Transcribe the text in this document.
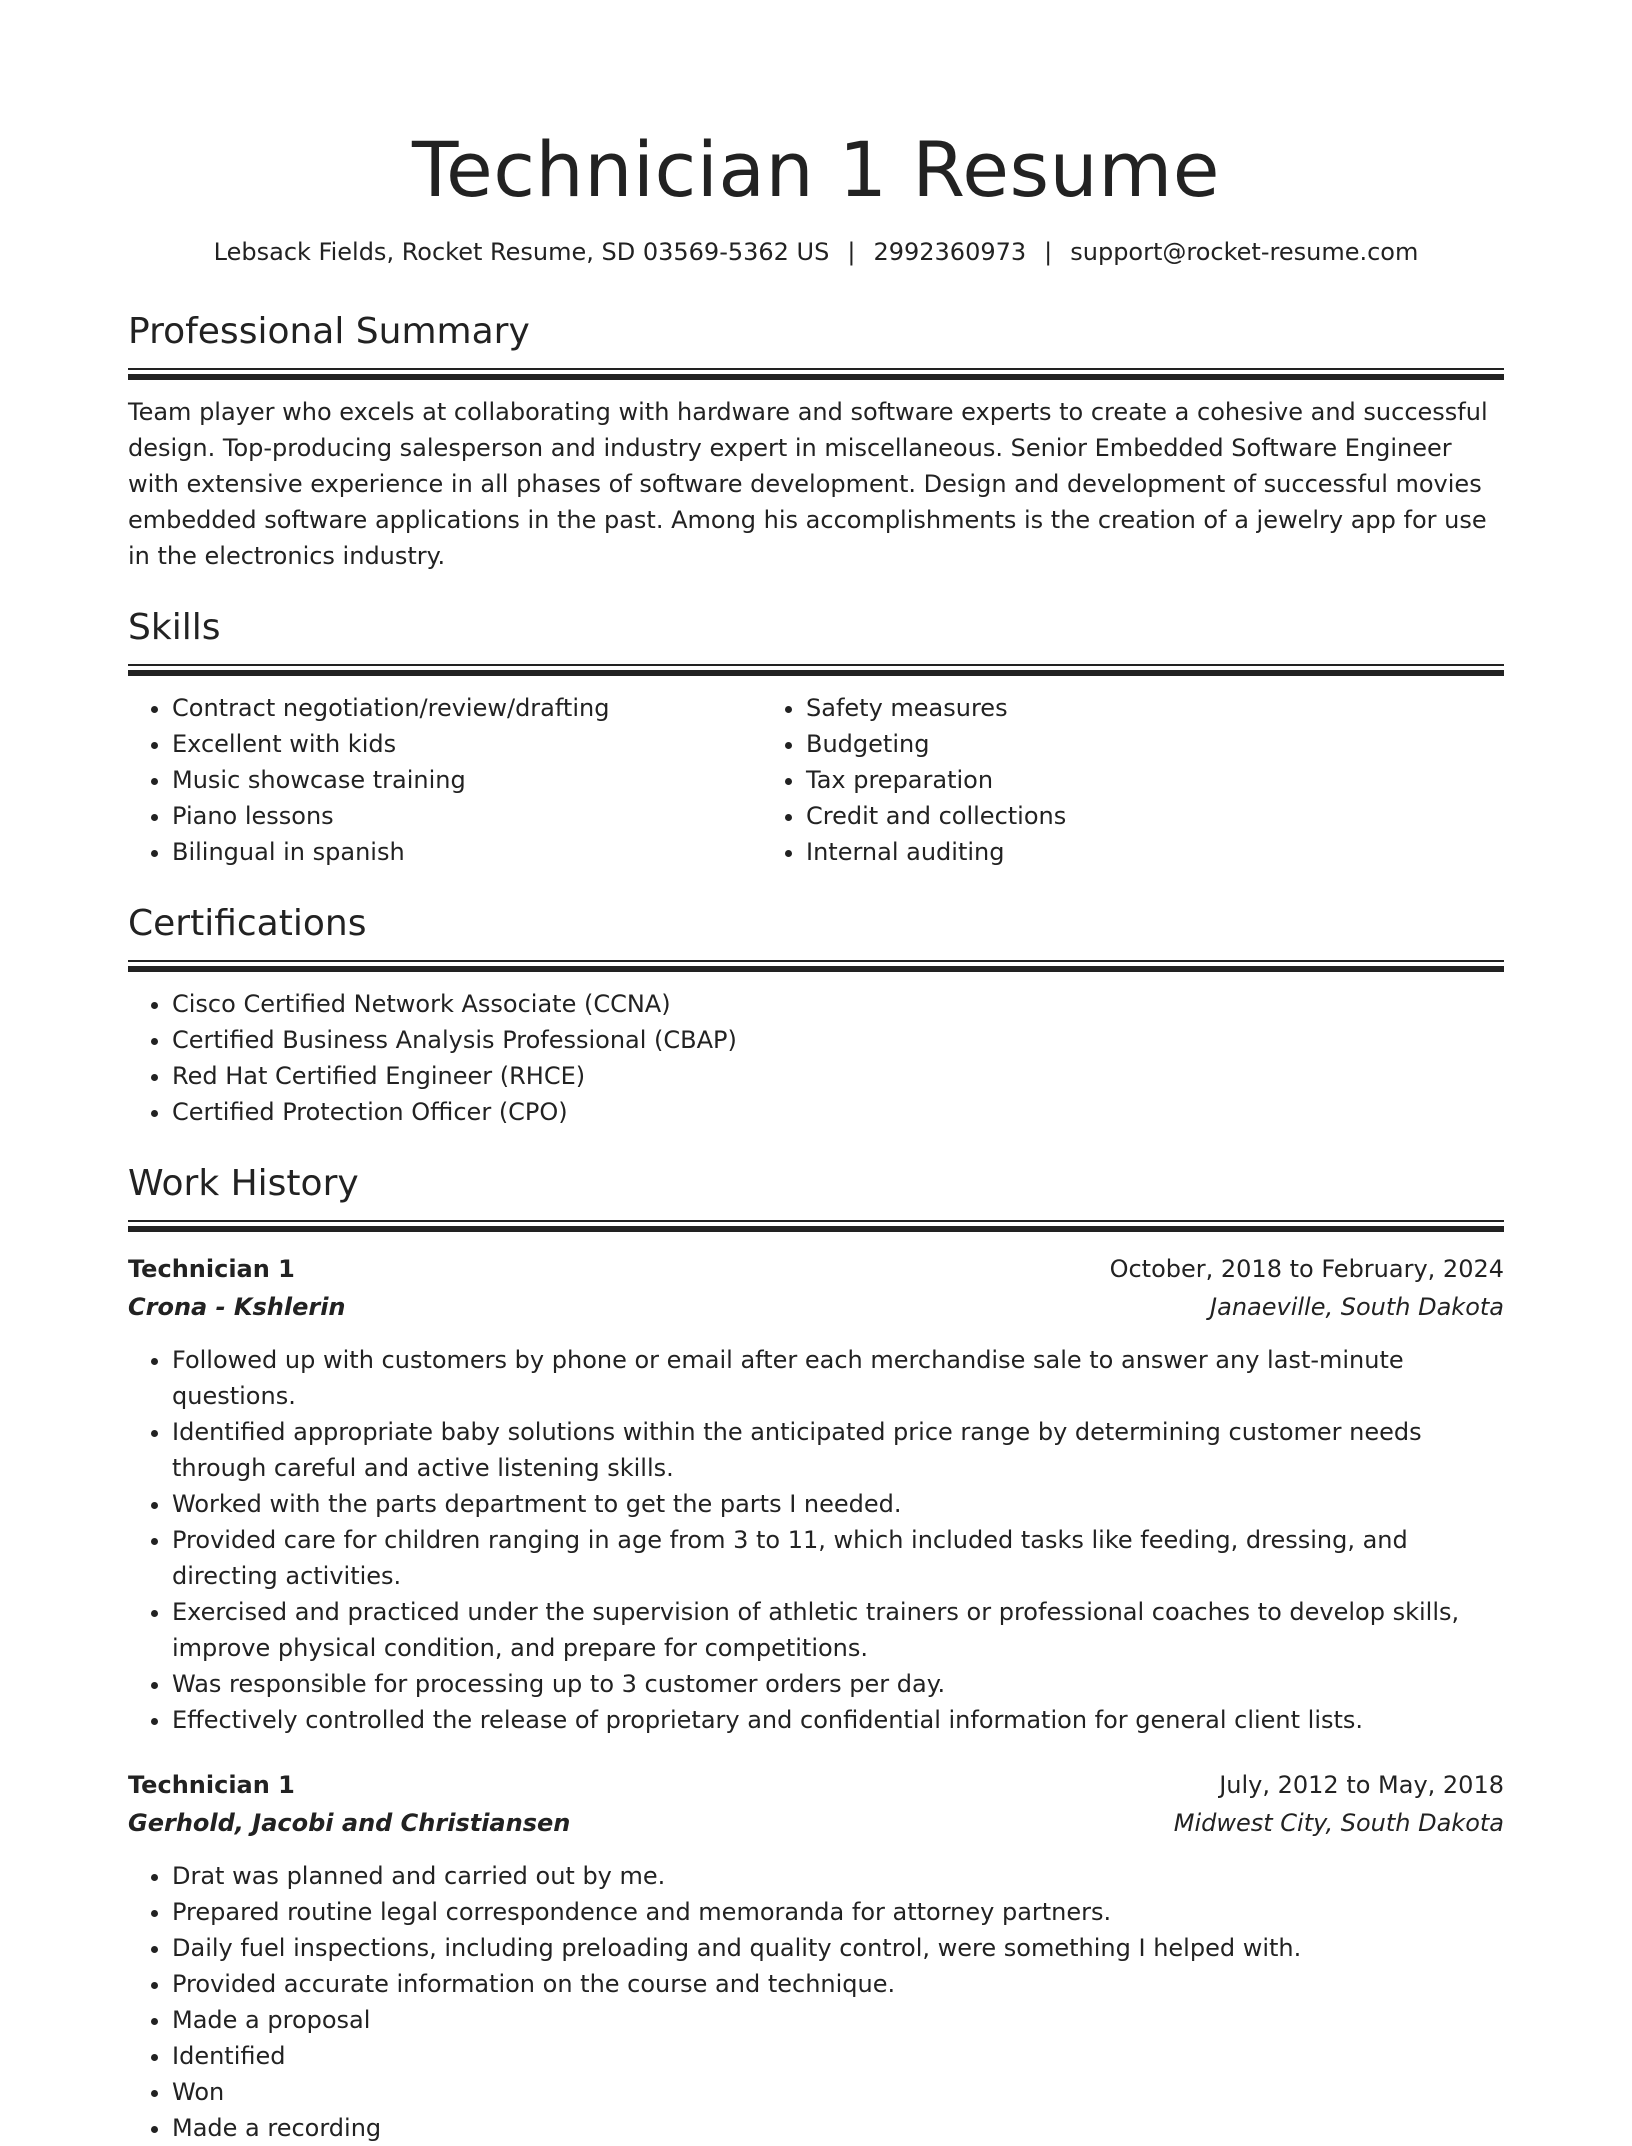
Technician 1 Resume
Lebsack Fields, Rocket Resume, SD 03569-5362 US | 2992360973 | support@rocket-resume.com
Professional Summary
Team player who excels at collaborating with hardware and software experts to create a cohesive and successful design. Top-producing salesperson and industry expert in miscellaneous. Senior Embedded Software Engineer with extensive experience in all phases of software development. Design and development of successful movies embedded software applications in the past. Among his accomplishments is the creation of a jewelry app for use in the electronics industry.
Skills
• Contract negotiation/review/drafting
• Excellent with kids
• Music showcase training
• Piano lessons
• Bilingual in spanish
• Safety measures
• Budgeting
• Tax preparation
• Credit and collections
• Internal auditing
Certifications
• Cisco Certified Network Associate (CCNA)
• Certified Business Analysis Professional (CBAP)
• Red Hat Certified Engineer (RHCE)
• Certified Protection Officer (CPO)
Work History
Technician 1	October, 2018 to February, 2024
Crona - Kshlerin	Janaeville, South Dakota
• Followed up with customers by phone or email after each merchandise sale to answer any last-minute questions.
• Identified appropriate baby solutions within the anticipated price range by determining customer needs through careful and active listening skills.
• Worked with the parts department to get the parts I needed.
• Provided care for children ranging in age from 3 to 11, which included tasks like feeding, dressing, and directing activities.
• Exercised and practiced under the supervision of athletic trainers or professional coaches to develop skills, improve physical condition, and prepare for competitions.
• Was responsible for processing up to 3 customer orders per day.
• Effectively controlled the release of proprietary and confidential information for general client lists.
Technician 1	July, 2012 to May, 2018
Gerhold, Jacobi and Christiansen	Midwest City, South Dakota
• Drat was planned and carried out by me.
• Prepared routine legal correspondence and memoranda for attorney partners.
• Daily fuel inspections, including preloading and quality control, were something I helped with.
• Provided accurate information on the course and technique.
• Made a proposal
• Identified
• Won
• Made a recording
